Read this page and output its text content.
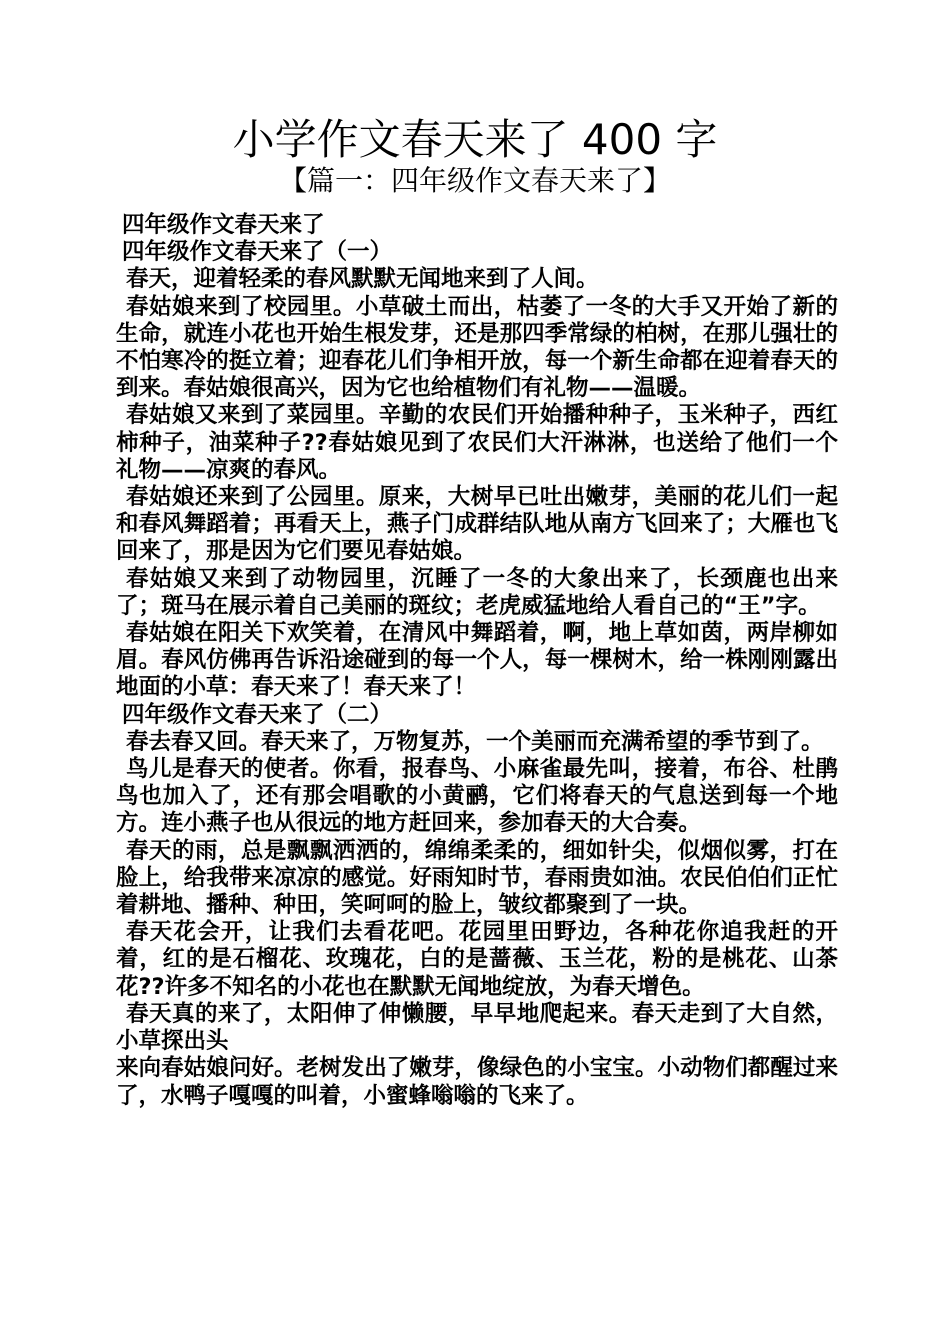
小学作文春天来了 400 字
【篇一：四年级作文春天来了】

四年级作文春天来了

四年级作文春天来了（一）

春天，迎着轻柔的春风默默无闻地来到了人间。

春姑娘来到了校园里。小草破土而出，枯萎了一冬的大手又开始了新的生命，就连小花也开始生根发芽，还是那四季常绿的柏树，在那儿强壮的不怕寒冷的挺立着；迎春花儿们争相开放，每一个新生命都在迎着春天的到来。春姑娘很高兴，因为它也给植物们有礼物——温暖。

春姑娘又来到了菜园里。辛勤的农民们开始播种种子，玉米种子，西红柿种子，油菜种子??春姑娘见到了农民们大汗淋淋，也送给了他们一个礼物——凉爽的春风。

春姑娘还来到了公园里。原来，大树早已吐出嫩芽，美丽的花儿们一起和春风舞蹈着；再看天上，燕子门成群结队地从南方飞回来了；大雁也飞回来了，那是因为它们要见春姑娘。

春姑娘又来到了动物园里，沉睡了一冬的大象出来了，长颈鹿也出来了；斑马在展示着自己美丽的斑纹；老虎威猛地给人看自己的“王”字。

春姑娘在阳关下欢笑着，在清风中舞蹈着，啊，地上草如茵，两岸柳如眉。春风仿佛再告诉沿途碰到的每一个人，每一棵树木，给一株刚刚露出地面的小草：春天来了！春天来了！

四年级作文春天来了（二）

春去春又回。春天来了，万物复苏，一个美丽而充满希望的季节到了。

鸟儿是春天的使者。你看，报春鸟、小麻雀最先叫，接着，布谷、杜鹃鸟也加入了，还有那会唱歌的小黄鹂，它们将春天的气息送到每一个地方。连小燕子也从很远的地方赶回来，参加春天的大合奏。

春天的雨，总是飘飘洒洒的，绵绵柔柔的，细如针尖，似烟似雾，打在脸上，给我带来凉凉的感觉。好雨知时节，春雨贵如油。农民伯伯们正忙着耕地、播种、种田，笑呵呵的脸上，皱纹都聚到了一块。

春天花会开，让我们去看花吧。花园里田野边，各种花你追我赶的开着，红的是石榴花、玫瑰花，白的是蔷薇、玉兰花，粉的是桃花、山茶花??许多不知名的小花也在默默无闻地绽放，为春天增色。

春天真的来了，太阳伸了伸懒腰，早早地爬起来。春天走到了大自然，小草探出头

来向春姑娘问好。老树发出了嫩芽，像绿色的小宝宝。小动物们都醒过来了，水鸭子嘎嘎的叫着，小蜜蜂嗡嗡的飞来了。
